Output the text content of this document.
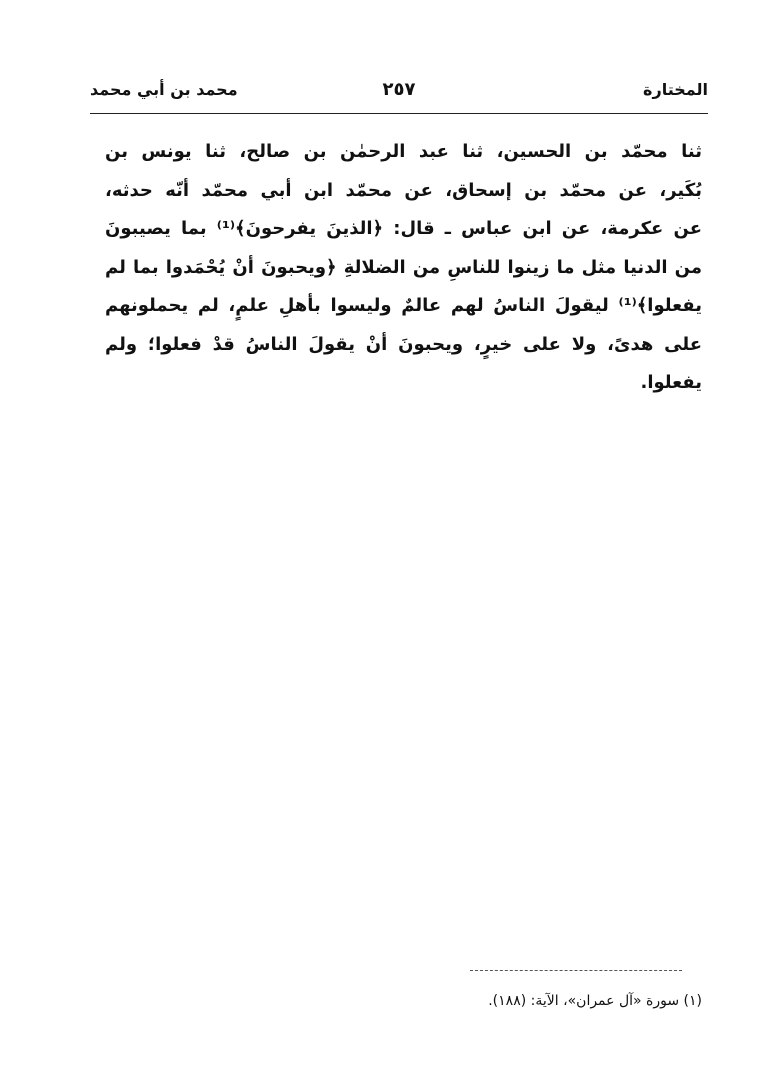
المختارة
٢٥٧
محمد بن أبي محمد
ثنا محمّد بن الحسين، ثنا عبد الرحمٰن بن صالح، ثنا يونس بن
بُكَير، عن محمّد بن إسحاق، عن محمّد ابن أبي محمّد أنّه حدثه،
عن عكرمة، عن ابن عباس ـ قال: ﴿الذينَ يفرحونَ﴾⁽¹⁾ بما يصيبونَ
من الدنيا مثل ما زينوا للناسِ من الضلالةِ ﴿ويحبونَ أنْ يُحْمَدوا بما لم
يفعلوا﴾⁽¹⁾ ليقولَ الناسُ لهم عالمٌ وليسوا بأهلِ علمٍ، لم يحملونهم
على هدىً، ولا على خيرٍ، ويحبونَ أنْ يقولَ الناسُ قدْ فعلوا؛ ولم
يفعلوا.
(١) سورة «آل عمران»، الآية: (١٨٨).
